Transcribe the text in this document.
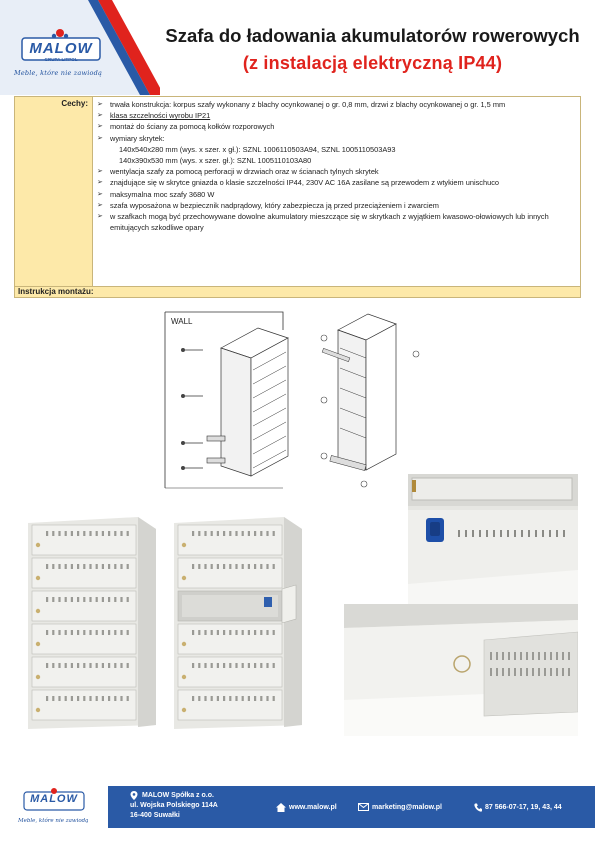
MALOW
GRUPA LITPOL
Meble, które nie zawiodą
Szafa do ładowania akumulatorów rowerowych
(z instalacją elektryczną IP44)
Cechy:
➢	trwała konstrukcja: korpus szafy wykonany z blachy ocynkowanej o gr. 0,8 mm, drzwi z blachy ocynkowanej o gr. 1,5 mm
➢ klasa szczelności wyrobu IP21
➢ montaż do ściany za pomocą kołków rozporowych
➢ wymiary skrytek:
140x540x280 mm (wys. x szer. x gł.): SZNL 1006110503A94, SZNL 1005110503A93
140x390x530 mm (wys. x szer. gł.): SZNL 1005110103A80
➢ wentylacja szafy za pomocą perforacji w drzwiach oraz w ścianach tylnych skrytek
➢ znajdujące się w skrytce gniazda o klasie szczelności IP44, 230V AC 16A zasilane są przewodem z wtykiem unischuco
➢ maksymalna moc szafy 3680 W
➢ szafa wyposażona w bezpiecznik nadprądowy, który zabezpiecza ją przed przeciążeniem i zwarciem
➢ w szafkach mogą być przechowywane dowolne akumulatory mieszczące się w skrytkach z wyjątkiem kwasowo-ołowiowych lub innych emitujących szkodliwe opary
Instrukcja montażu:
WALL
MALOW
Meble, które nie zawiodą
MALOW Spółka z o.o.
ul. Wojska Polskiego 114A
16-400 Suwałki
www.malow.pl	marketing@malow.pl	87 566-07-17, 19, 43, 44
